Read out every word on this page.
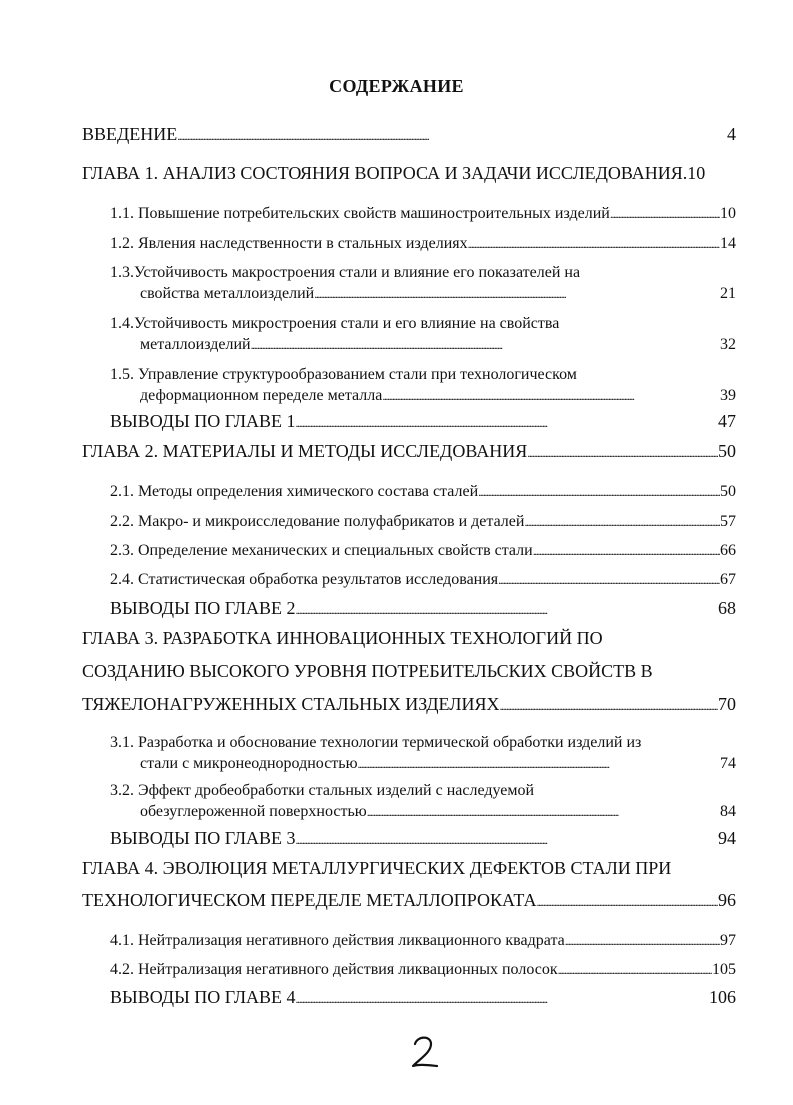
СОДЕРЖАНИЕ
ВВЕДЕНИЕ . . .	4
ГЛАВА 1. АНАЛИЗ СОСТОЯНИЯ ВОПРОСА И ЗАДАЧИ ИССЛЕДОВАНИЯ .10
1.1. Повышение потребительских свойств машиностроительных изделий . . .	10
1.2. Явления наследственности в стальных изделиях . . .	14
1.3.Устойчивость макростроения стали и влияние его показателей на
свойства металлоизделий . . .	21
1.4.Устойчивость микростроения стали и его влияние на свойства
металлоизделий . . .	32
1.5. Управление структурообразованием стали при технологическом
деформационном переделе металла . . .	39
ВЫВОДЫ ПО ГЛАВЕ 1 . . .	47
ГЛАВА 2. МАТЕРИАЛЫ И МЕТОДЫ ИССЛЕДОВАНИЯ . . .	50
2.1. Методы определения химического состава сталей . . .	50
2.2. Макро- и микроисследование полуфабрикатов и деталей . . .	57
2.3. Определение механических и специальных свойств стали . . .	66
2.4. Статистическая обработка результатов исследования . . .	67
ВЫВОДЫ ПО ГЛАВЕ 2 . . .	68
ГЛАВА 3. РАЗРАБОТКА ИННОВАЦИОННЫХ ТЕХНОЛОГИЙ ПО
СОЗДАНИЮ ВЫСОКОГО УРОВНЯ ПОТРЕБИТЕЛЬСКИХ СВОЙСТВ В
ТЯЖЕЛОНАГРУЖЕННЫХ СТАЛЬНЫХ ИЗДЕЛИЯХ . . .	70
3.1. Разработка и обоснование технологии термической обработки изделий из
стали с микронеоднородностью . . .	74
3.2. Эффект дробеобработки стальных изделий с наследуемой
обезуглероженной поверхностью . . .	84
ВЫВОДЫ ПО ГЛАВЕ 3 . . .	94
ГЛАВА 4. ЭВОЛЮЦИЯ МЕТАЛЛУРГИЧЕСКИХ ДЕФЕКТОВ СТАЛИ ПРИ
ТЕХНОЛОГИЧЕСКОМ ПЕРЕДЕЛЕ МЕТАЛЛОПРОКАТА . . .	96
4.1. Нейтрализация негативного действия ликвационного квадрата . . .	97
4.2. Нейтрализация негативного действия ликвационных полосок . . .	105
ВЫВОДЫ ПО ГЛАВЕ 4 . . .	106
